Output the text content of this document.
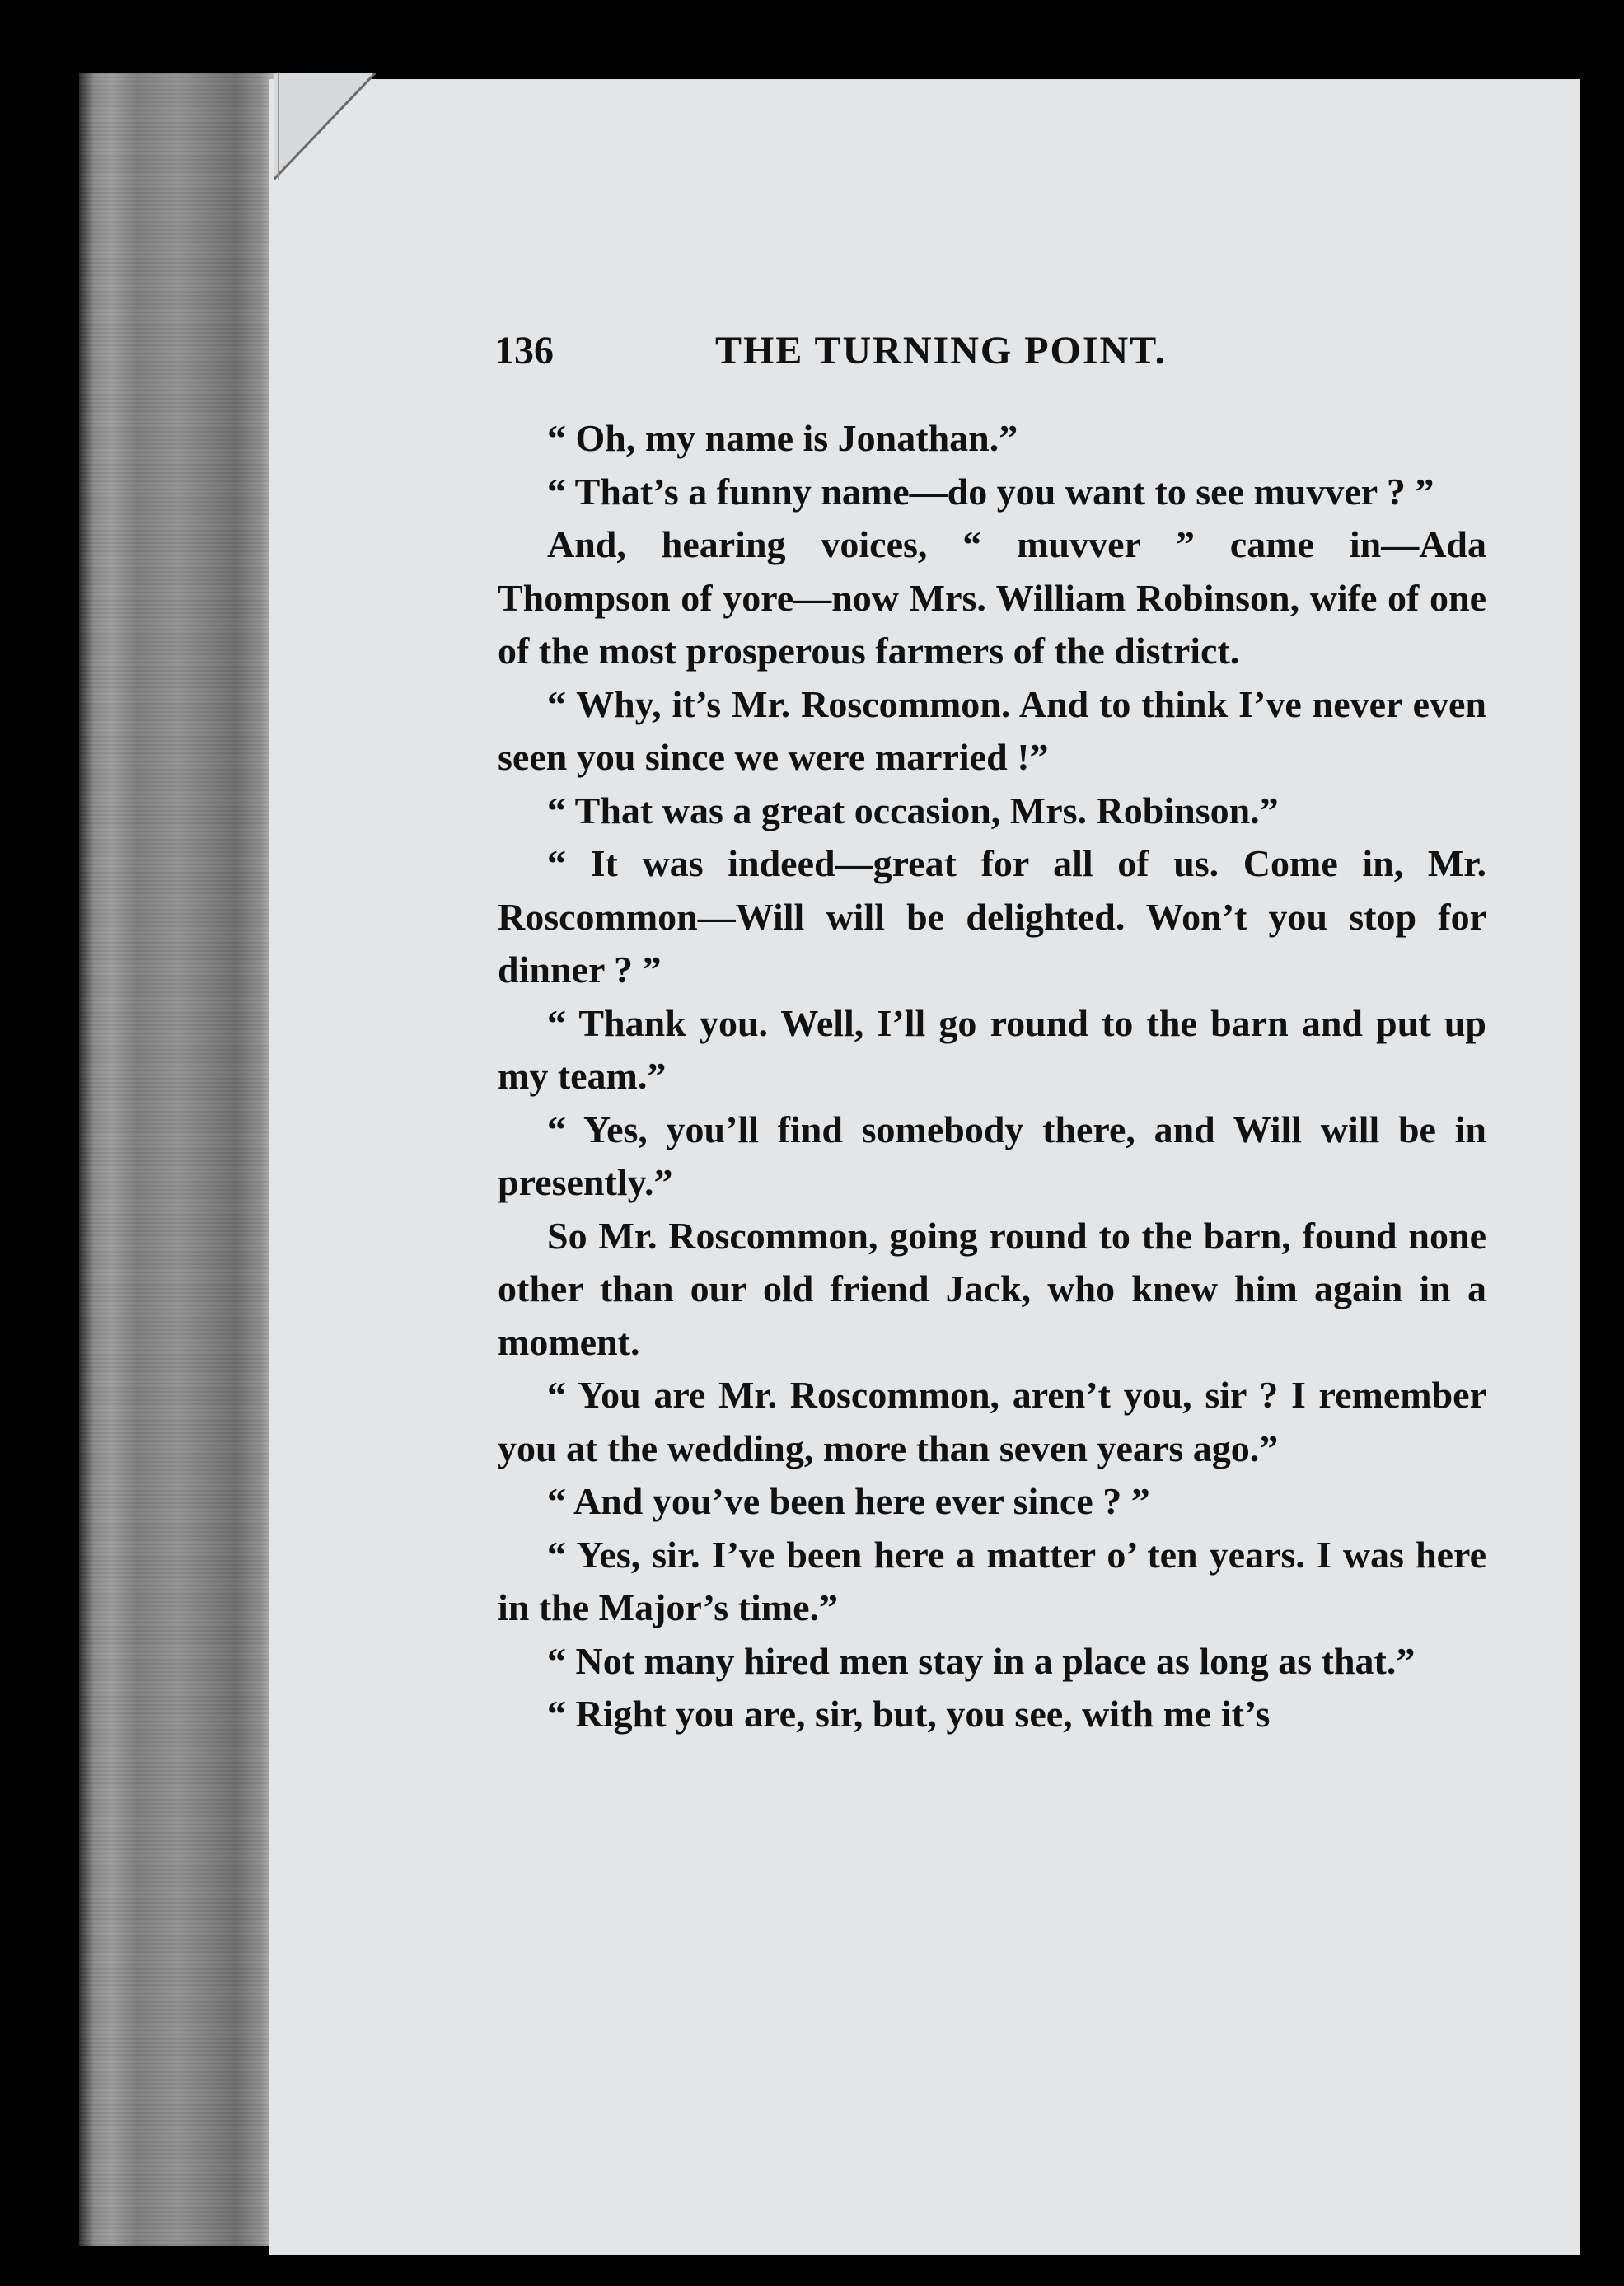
136	THE TURNING POINT.

“ Oh, my name is Jonathan.”

“ That’s a funny name—do you want to see muvver ? ”

And, hearing voices, “ muvver ” came in—Ada Thompson of yore—now Mrs. William Robinson, wife of one of the most prosperous farmers of the district.

“ Why, it’s Mr. Roscommon. And to think I’ve never even seen you since we were married !”

“ That was a great occasion, Mrs. Robinson.”

“ It was indeed—great for all of us. Come in, Mr. Roscommon—Will will be delighted. Won’t you stop for dinner ? ”

“ Thank you. Well, I’ll go round to the barn and put up my team.”

“ Yes, you’ll find somebody there, and Will will be in presently.”

So Mr. Roscommon, going round to the barn, found none other than our old friend Jack, who knew him again in a moment.

“ You are Mr. Roscommon, aren’t you, sir ? I remember you at the wedding, more than seven years ago.”

“ And you’ve been here ever since ? ”

“ Yes, sir. I’ve been here a matter o’ ten years. I was here in the Major’s time.”

“ Not many hired men stay in a place as long as that.”

“ Right you are, sir, but, you see, with me it’s
